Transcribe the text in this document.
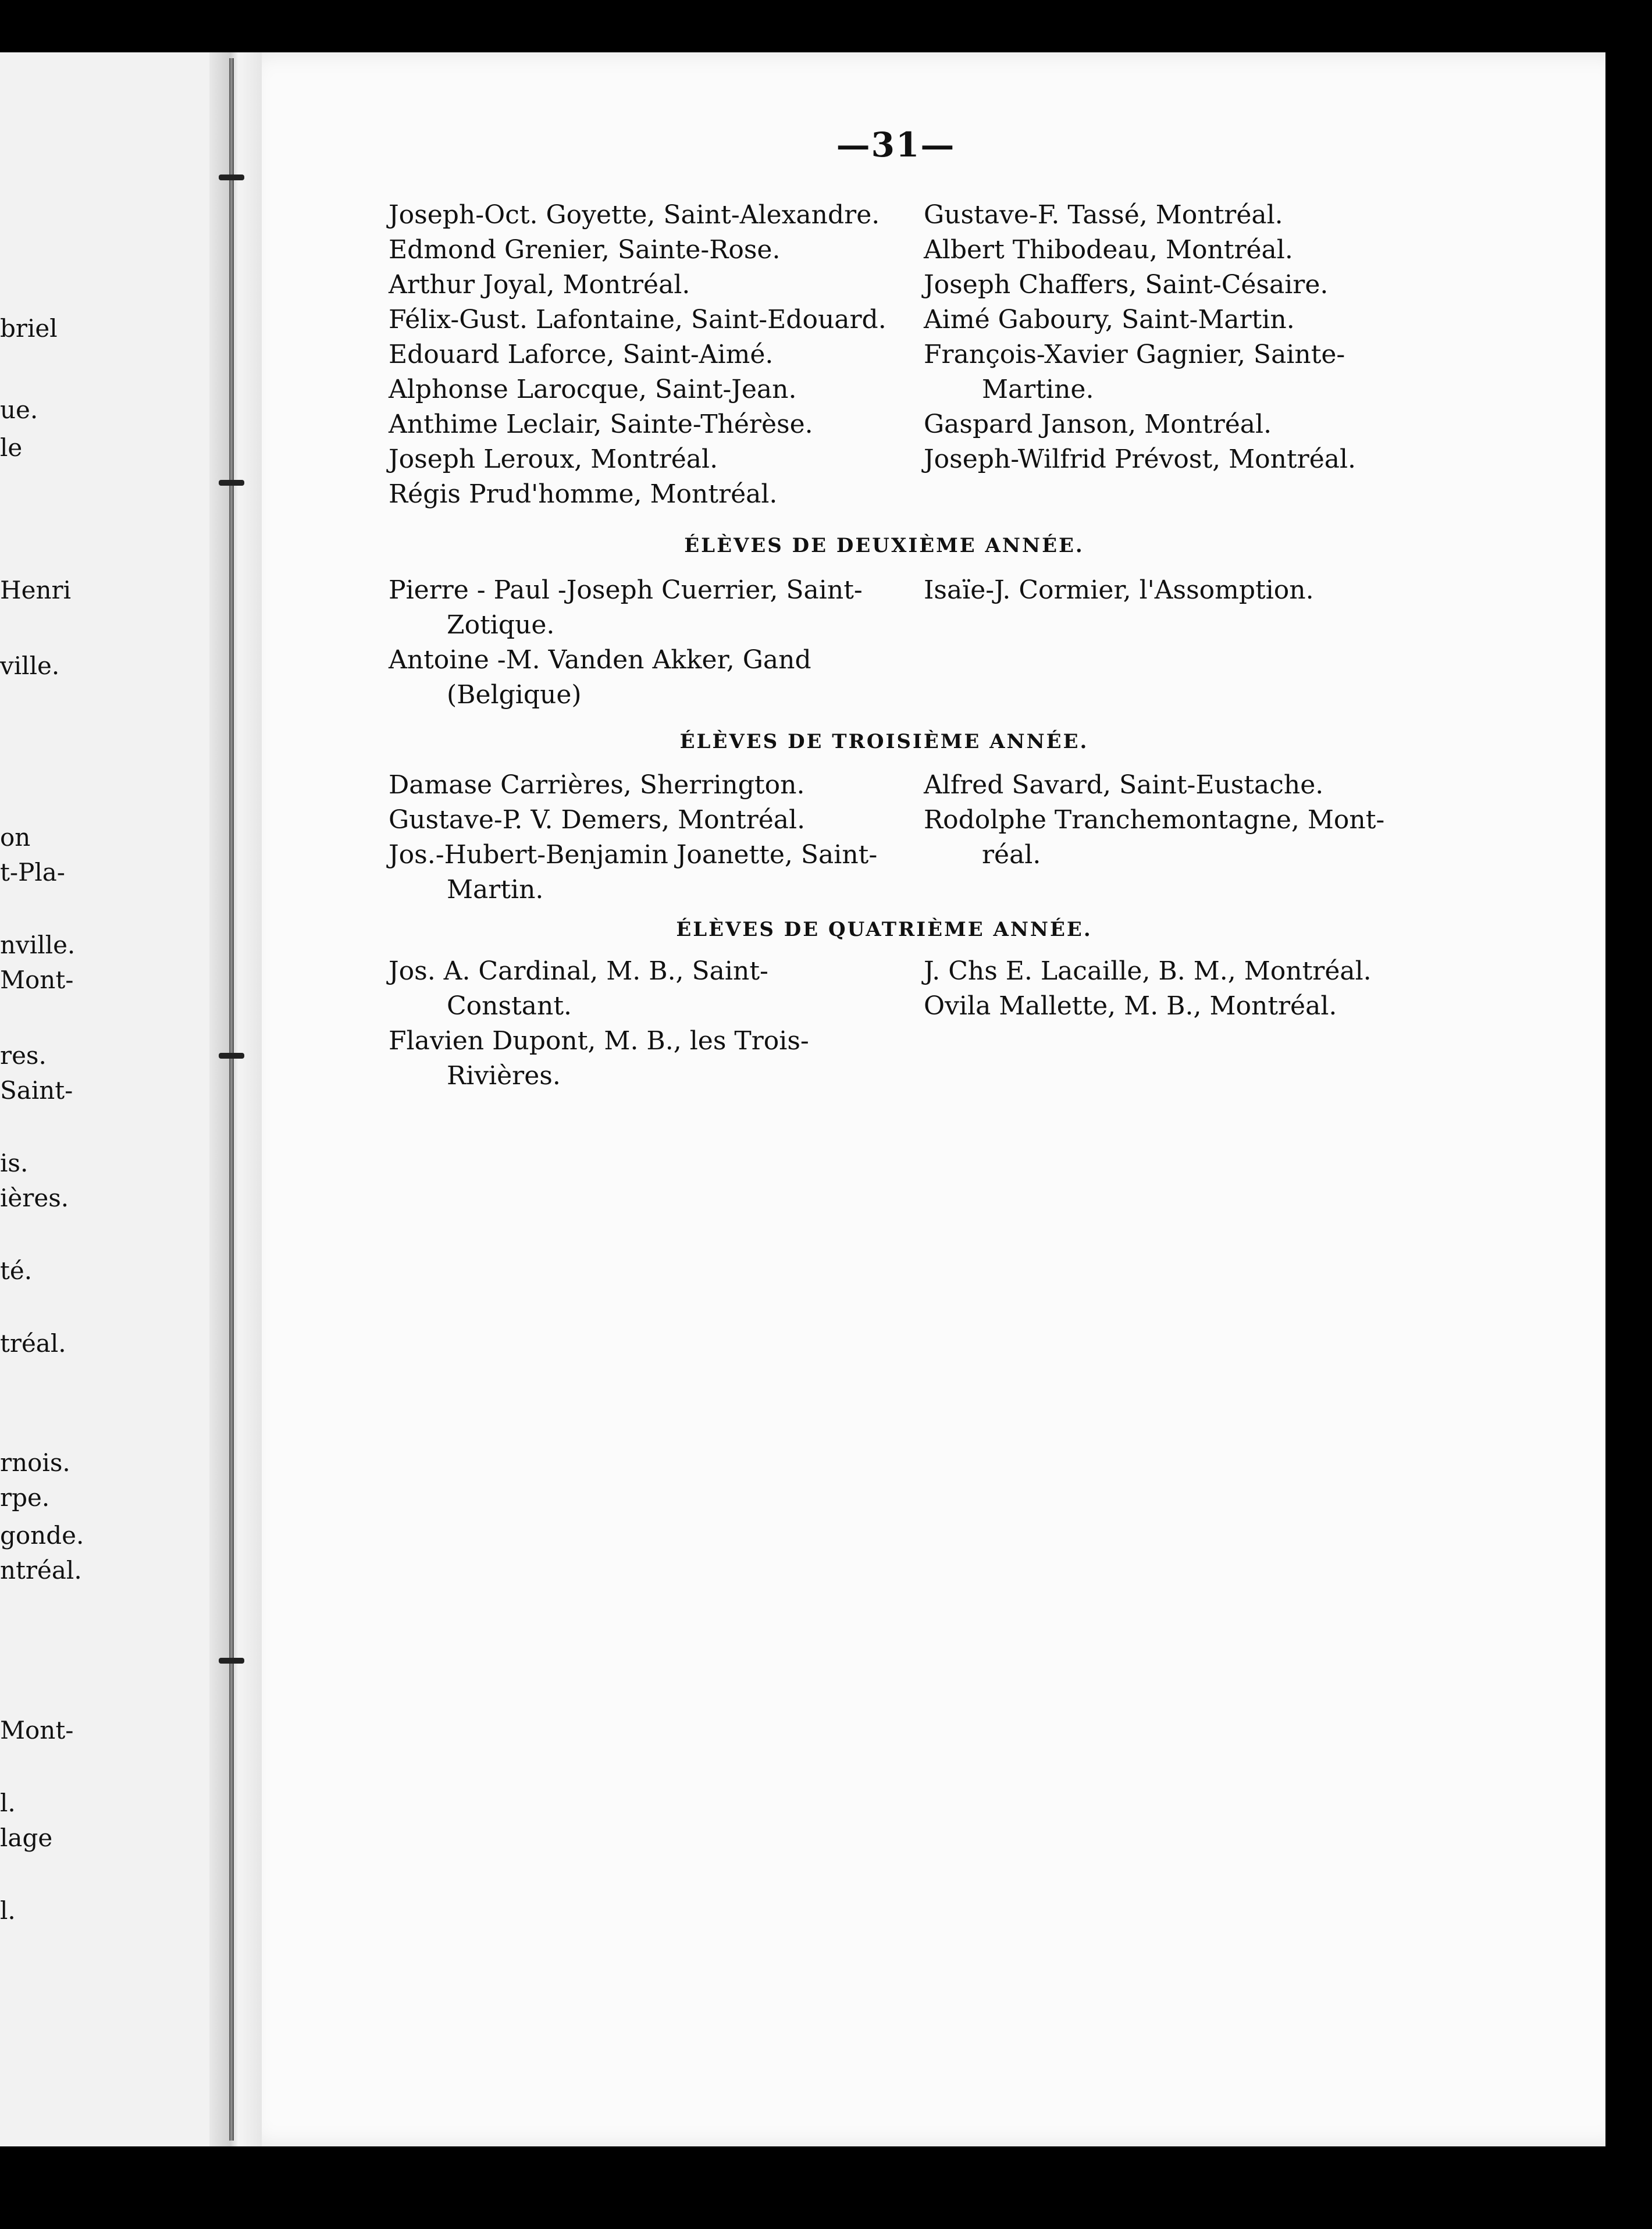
briel
ue.
le
Henri
ville.
on
t-Pla-
nville.
Mont-
res.
Saint-
is.
ières.
té.
tréal.
rnois.
rpe.
gonde.
ntréal.
Mont-
l.
lage
l.
—31—
Joseph-Oct. Goyette, Saint-Alexandre.
Edmond Grenier, Sainte-Rose.
Arthur Joyal, Montréal.
Félix-Gust. Lafontaine, Saint-Edouard.
Edouard Laforce, Saint-Aimé.
Alphonse Larocque, Saint-Jean.
Anthime Leclair, Sainte-Thérèse.
Joseph Leroux, Montréal.
Régis Prud'homme, Montréal.
Gustave-F. Tassé, Montréal.
Albert Thibodeau, Montréal.
Joseph Chaffers, Saint-Césaire.
Aimé Gaboury, Saint-Martin.
François-Xavier Gagnier, Sainte-
Martine.
Gaspard Janson, Montréal.
Joseph-Wilfrid Prévost, Montréal.
ÉLÈVES DE DEUXIÈME ANNÉE.
Pierre - Paul -Joseph Cuerrier, Saint-
Zotique.
Antoine -M. Vanden Akker, Gand
(Belgique)
Isaïe-J. Cormier, l'Assomption.
ÉLÈVES DE TROISIÈME ANNÉE.
Damase Carrières, Sherrington.
Gustave-P. V. Demers, Montréal.
Jos.-Hubert-Benjamin Joanette, Saint-
Martin.
Alfred Savard, Saint-Eustache.
Rodolphe Tranchemontagne, Mont-
réal.
ÉLÈVES DE QUATRIÈME ANNÉE.
Jos. A. Cardinal, M. B., Saint-
Constant.
Flavien Dupont, M. B., les Trois-
Rivières.
J. Chs E. Lacaille, B. M., Montréal.
Ovila Mallette, M. B., Montréal.
